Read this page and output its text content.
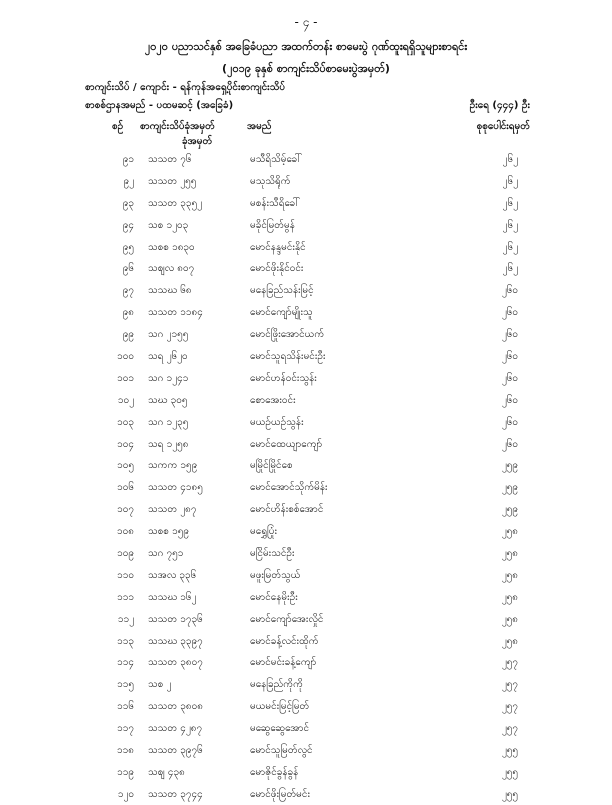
- ၄ -
၂၀၂၀ ပညာသင်နှစ် အခြေခံပညာ အထက်တန်း စာမေးပွဲ ဂုဏ်ထူးရရှိသူများစာရင်း
(၂၀၁၉ ခုနှစ် စာကျင်းသိပ်စာမေးပွဲအမှတ်)
စာကျင်းသိပ် / ကျောင်း - ရန်ကုန်အရှေ့ပိုင်းစာကျင်းသိပ်
စာစစ်ဌာနအမည် - ပထမဆင့် (အခြေခံ)	ဦးရေ (၄၄၄) ဦး
စဉ် စာကျင်းသိပ်ခုံအမှတ်
ခုံအမှတ်
အမည်	စုစုပေါင်းရမှတ်
၉၁ သသတ ၇၆	မသီရိသိမ့်ခေါ်	၂၆၂
၉၂ သသတ ၂၅၅	မသုသိရိုက်	၂၆၂
၉၃ သသတ ၃၃၅၂	မစန်းသီရိခေါ်	၂၆၂
၉၄ သစ ၁၂၀၃	မခိုင်မြတ်မွန်	၂၆၂
၉၅ သစစ ၁၈၃၀	မောင်နန္ဒမင်းနိုင်	၂၆၂
၉၆ သဈလ ၈၀၇	မောင်ဖိုးနိုင်ဝင်း	၂၆၂
၉၇ သသဃ ၆၈	မနေခြည်သန်းမြင့်	၂၆၀
၉၈ သသတ ၁၁၈၄	မောင်ကျော်မျိုးသူ	၂၆၀
၉၉ သဂ ၂၁၅၅	မောင်ဖြိုးအောင်ယက်	၂၆၀
၁၀၀ သရ ၂၆၂၀	မောင်သူရသိန်းမင်းဦး	၂၆၀
၁၀၁ သဂ ၁၂၄၁	မောင်ဟန်ဝင်းသွန်း	၂၆၀
၁၀၂ သဃ ၃၀၅	စောအေးဝင်း	၂၆၀
၁၀၃ သဂ ၁၂၃၅	မယဉ်ယဉ်သွန်း	၂၆၀
၁၀၄ သရ ၁၂၅၈	မောင်ထေယျာကျော်	၂၆၀
၁၀၅ သကက ၁၅၉	မမြိုင်မြိုင်စေ	၂၅၉
၁၀၆ သသတ ၄၁၈၅	မောင်အောင်သိုက်မိန်း	၂၅၉
၁၀၇ သသတ ၂၈၇	မောင်ဟိန်းစစ်အောင်	၂၅၉
၁၀၈ သစစ ၁၅၉	မရွှေပြုံး	၂၅၈
၁၀၉ သဂ ၇၅၁	မငြိမ်းသင်ဦး	၂၅၈
၁၁၀ သအလ ၃၃၆	မဖူးမြတ်သွယ်	၂၅၈
၁၁၁ သသဃ ၁၆၂	မောင်နေမိုးဦး	၂၅၈
၁၁၂ သသတ ၁၇၃၆	မောင်ကျော်အေးလှိုင်	၂၅၈
၁၁၃ သသဃ ၃၃၉၇	မောင်ခန့်လင်းထိုက်	၂၅၈
၁၁၄ သသတ ၃၈၀၇	မောင်မင်းခန့်ကျော်	၂၅၇
၁၁၅ သစ ၂	မနေခြည်ကိုကို	၂၅၇
၁၁၆ သသတ ၃၈၀၈	မယမင်းမြင့်မြတ်	၂၅၇
၁၁၇ သသတ ၄၂၈၇	မဆွေဆွေအောင်	၂၅၇
၁၁၈ သသတ ၃၉၇၆	မောင်သူမြတ်လွင်	၂၅၅
၁၁၉ သဈ ၄၃၈	မောဇိုင်ခွန်ခွန်	၂၅၅
၁၂၀ သသတ ၃၇၄၄	မောင်ဖိုးမြတ်မင်း	၂၅၅
